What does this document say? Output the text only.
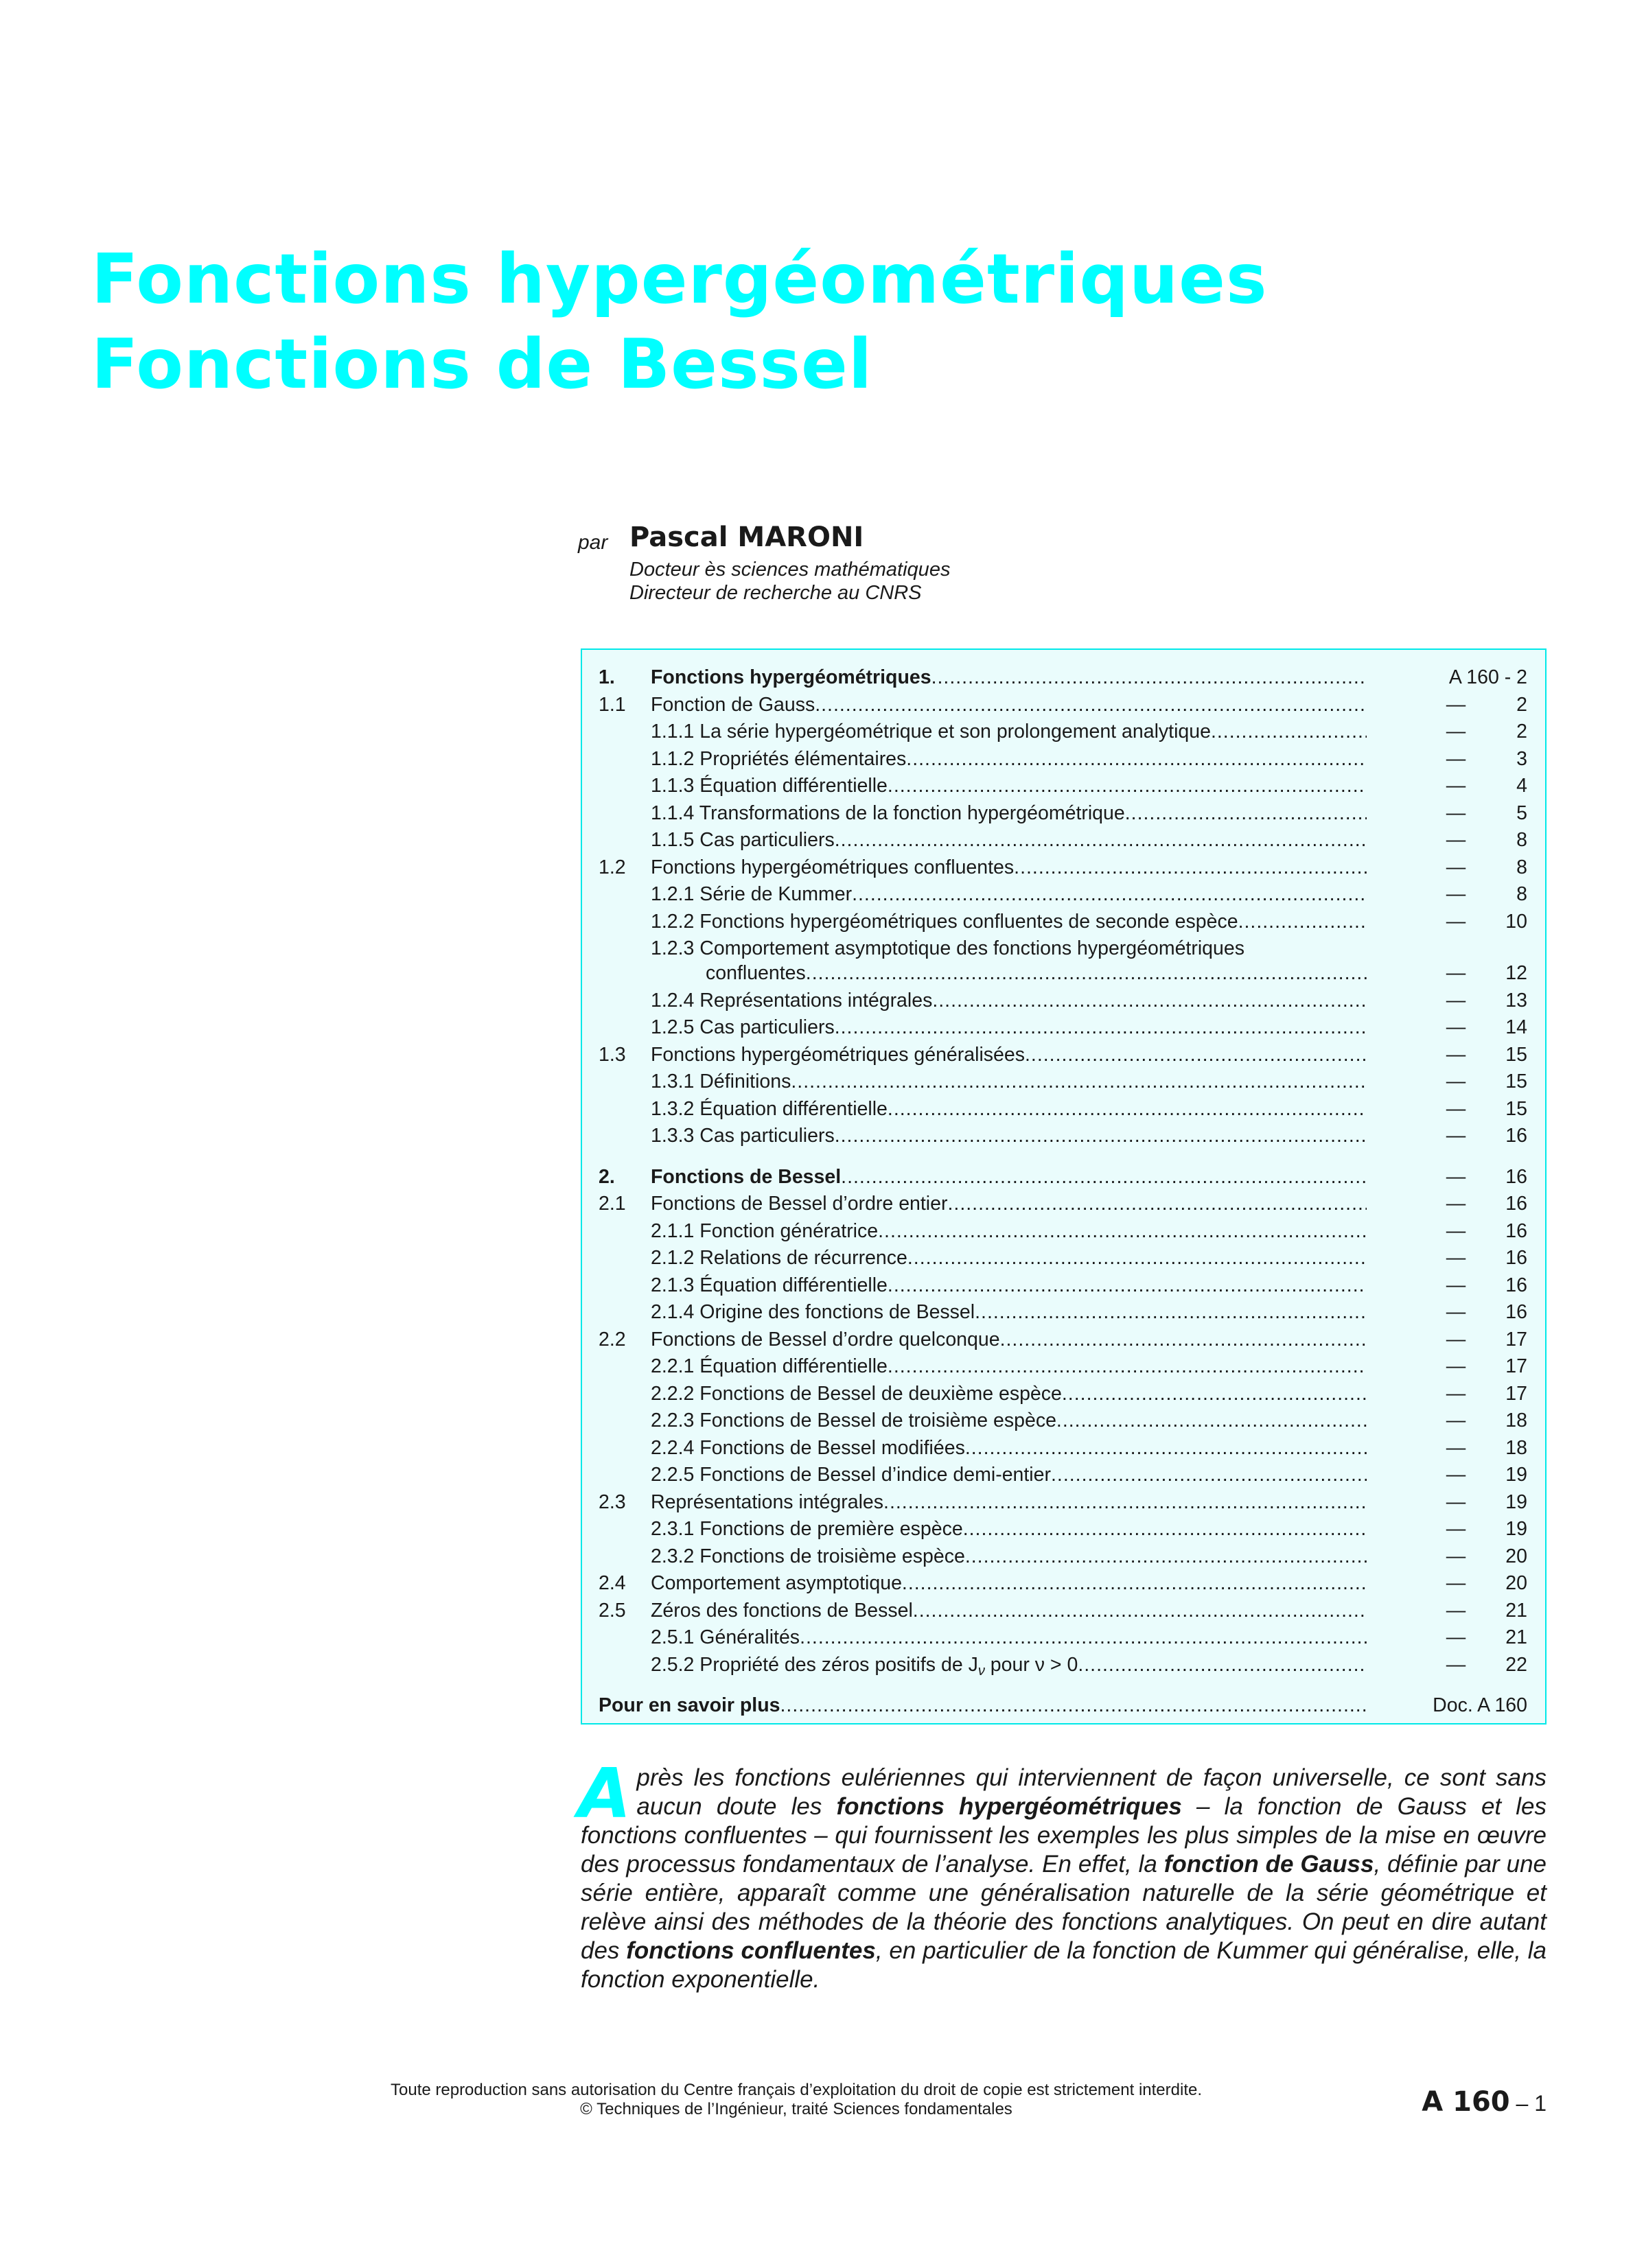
Fonctions hypergéométriques
Fonctions de Bessel
par Pascal MARONI
Docteur ès sciences mathématiques
Directeur de recherche au CNRS
1. Fonctions hypergéométriques .....	A 160 - 2
1.1 Fonction de Gauss .....	—	2
1.1.1 La série hypergéométrique et son prolongement analytique .....	—	2
1.1.2 Propriétés élémentaires .....	—	3
1.1.3 Équation différentielle .....	—	4
1.1.4 Transformations de la fonction hypergéométrique .....	—	5
1.1.5 Cas particuliers .....	—	8
1.2 Fonctions hypergéométriques confluentes .....	—	8
1.2.1 Série de Kummer .....	—	8
1.2.2 Fonctions hypergéométriques confluentes de seconde espèce .....	—	10
1.2.3 Comportement asymptotique des fonctions hypergéométriques
confluentes .....	—	12
1.2.4 Représentations intégrales .....	—	13
1.2.5 Cas particuliers .....	—	14
1.3 Fonctions hypergéométriques généralisées .....	—	15
1.3.1 Définitions .....	—	15
1.3.2 Équation différentielle .....	—	15
1.3.3 Cas particuliers .....	—	16
2. Fonctions de Bessel .....	—	16
2.1 Fonctions de Bessel d’ordre entier .....	—	16
2.1.1 Fonction génératrice .....	—	16
2.1.2 Relations de récurrence .....	—	16
2.1.3 Équation différentielle .....	—	16
2.1.4 Origine des fonctions de Bessel .....	—	16
2.2 Fonctions de Bessel d’ordre quelconque .....	—	17
2.2.1 Équation différentielle .....	—	17
2.2.2 Fonctions de Bessel de deuxième espèce .....	—	17
2.2.3 Fonctions de Bessel de troisième espèce .....	—	18
2.2.4 Fonctions de Bessel modifiées .....	—	18
2.2.5 Fonctions de Bessel d’indice demi-entier .....	—	19
2.3 Représentations intégrales .....	—	19
2.3.1 Fonctions de première espèce .....	—	19
2.3.2 Fonctions de troisième espèce .....	—	20
2.4 Comportement asymptotique .....	—	20
2.5 Zéros des fonctions de Bessel .....	—	21
2.5.1 Généralités .....	—	21
2.5.2 Propriété des zéros positifs de $J_\nu$ pour ν > 0 .....	—	22
Pour en savoir plus .....	Doc. A 160
Après les fonctions eulériennes qui interviennent de façon universelle, ce sont sans aucun doute les fonctions hypergéométriques – la fonction de Gauss et les fonctions confluentes – qui fournissent les exemples les plus simples de la mise en œuvre des processus fondamentaux de l’analyse. En effet, la fonction de Gauss, définie par une série entière, apparaît comme une généralisation naturelle de la série géométrique et relève ainsi des méthodes de la théorie des fonctions analytiques. On peut en dire autant des fonctions confluentes, en particulier de la fonction de Kummer qui généralise, elle, la fonction exponentielle.
Toute reproduction sans autorisation du Centre français d’exploitation du droit de copie est strictement interdite.
© Techniques de l’Ingénieur, traité Sciences fondamentales	A 160 – 1
